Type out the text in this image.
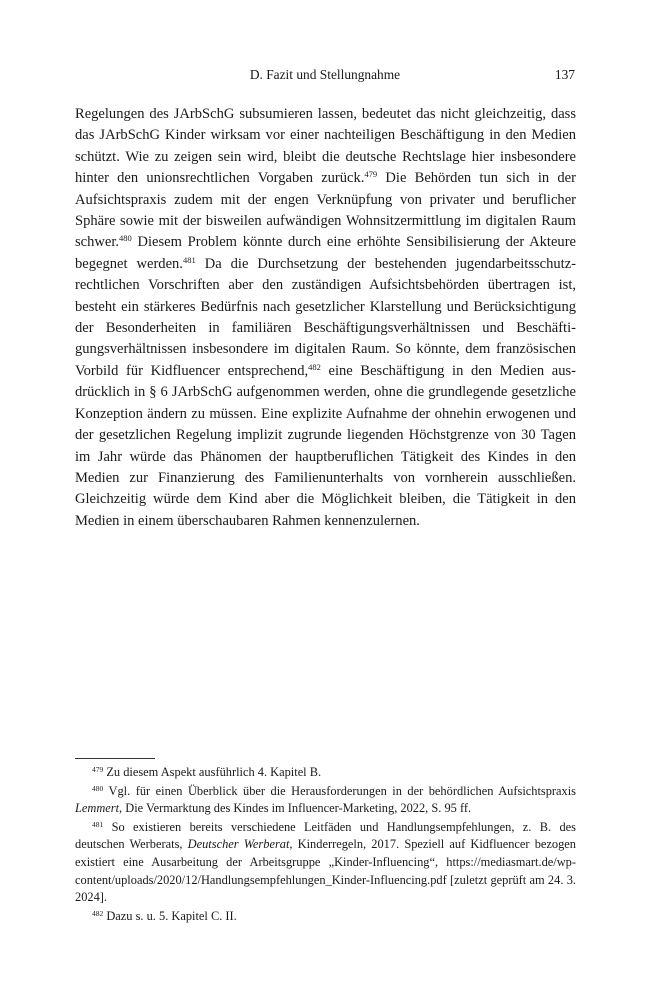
D. Fazit und Stellungnahme	137

Regelungen des JArbSchG subsumieren lassen, bedeutet das nicht gleichzeitig, dass das JArbSchG Kinder wirksam vor einer nachteiligen Beschäftigung in den Medien schützt. Wie zu zeigen sein wird, bleibt die deutsche Rechtslage hier insbesondere hinter den unionsrechtlichen Vorgaben zurück.$^{479}$ Die Behörden tun sich in der Aufsichtspraxis zudem mit der engen Verknüpfung von privater und beruflicher Sphäre sowie mit der bisweilen aufwändigen Wohnsitzermittlung im digitalen Raum schwer.$^{480}$ Diesem Problem könnte durch eine erhöhte Sensibilisierung der Akteure begegnet werden.$^{481}$ Da die Durchsetzung der bestehenden jugendarbeitsschutzrechtlichen Vorschriften aber den zuständigen Aufsichtsbehörden übertragen ist, besteht ein stärkeres Bedürfnis nach gesetzlicher Klarstellung und Berücksichtigung der Besonderheiten in familiären Beschäftigungsverhältnissen und Beschäftigungsverhältnissen insbesondere im digitalen Raum. So könnte, dem französischen Vorbild für Kidfluencer entsprechend,$^{482}$ eine Beschäftigung in den Medien ausdrücklich in § 6 JArbSchG aufgenommen werden, ohne die grundlegende gesetzliche Konzeption ändern zu müssen. Eine explizite Aufnahme der ohnehin erwogenen und der gesetzlichen Regelung implizit zugrunde liegenden Höchstgrenze von 30 Tagen im Jahr würde das Phänomen der hauptberuflichen Tätigkeit des Kindes in den Medien zur Finanzierung des Familienunterhalts von vornherein ausschließen. Gleichzeitig würde dem Kind aber die Möglichkeit bleiben, die Tätigkeit in den Medien in einem überschaubaren Rahmen kennenzulernen.

$^{479}$ Zu diesem Aspekt ausführlich 4. Kapitel B.

$^{480}$ Vgl. für einen Überblick über die Herausforderungen in der behördlichen Aufsichtspraxis Lemmert, Die Vermarktung des Kindes im Influencer-Marketing, 2022, S. 95 ff.

$^{481}$ So existieren bereits verschiedene Leitfäden und Handlungsempfehlungen, z. B. des deutschen Werberats, Deutscher Werberat, Kinderregeln, 2017. Speziell auf Kidfluencer bezogen existiert eine Ausarbeitung der Arbeitsgruppe „Kinder-Influencing“, https://media​smart.de/wp-content/uploads/2020/12/Handlungsempfehlungen_Kinder-Influencing.pdf [zuletzt geprüft am 24. 3. 2024].

$^{482}$ Dazu s. u. 5. Kapitel C. II.
